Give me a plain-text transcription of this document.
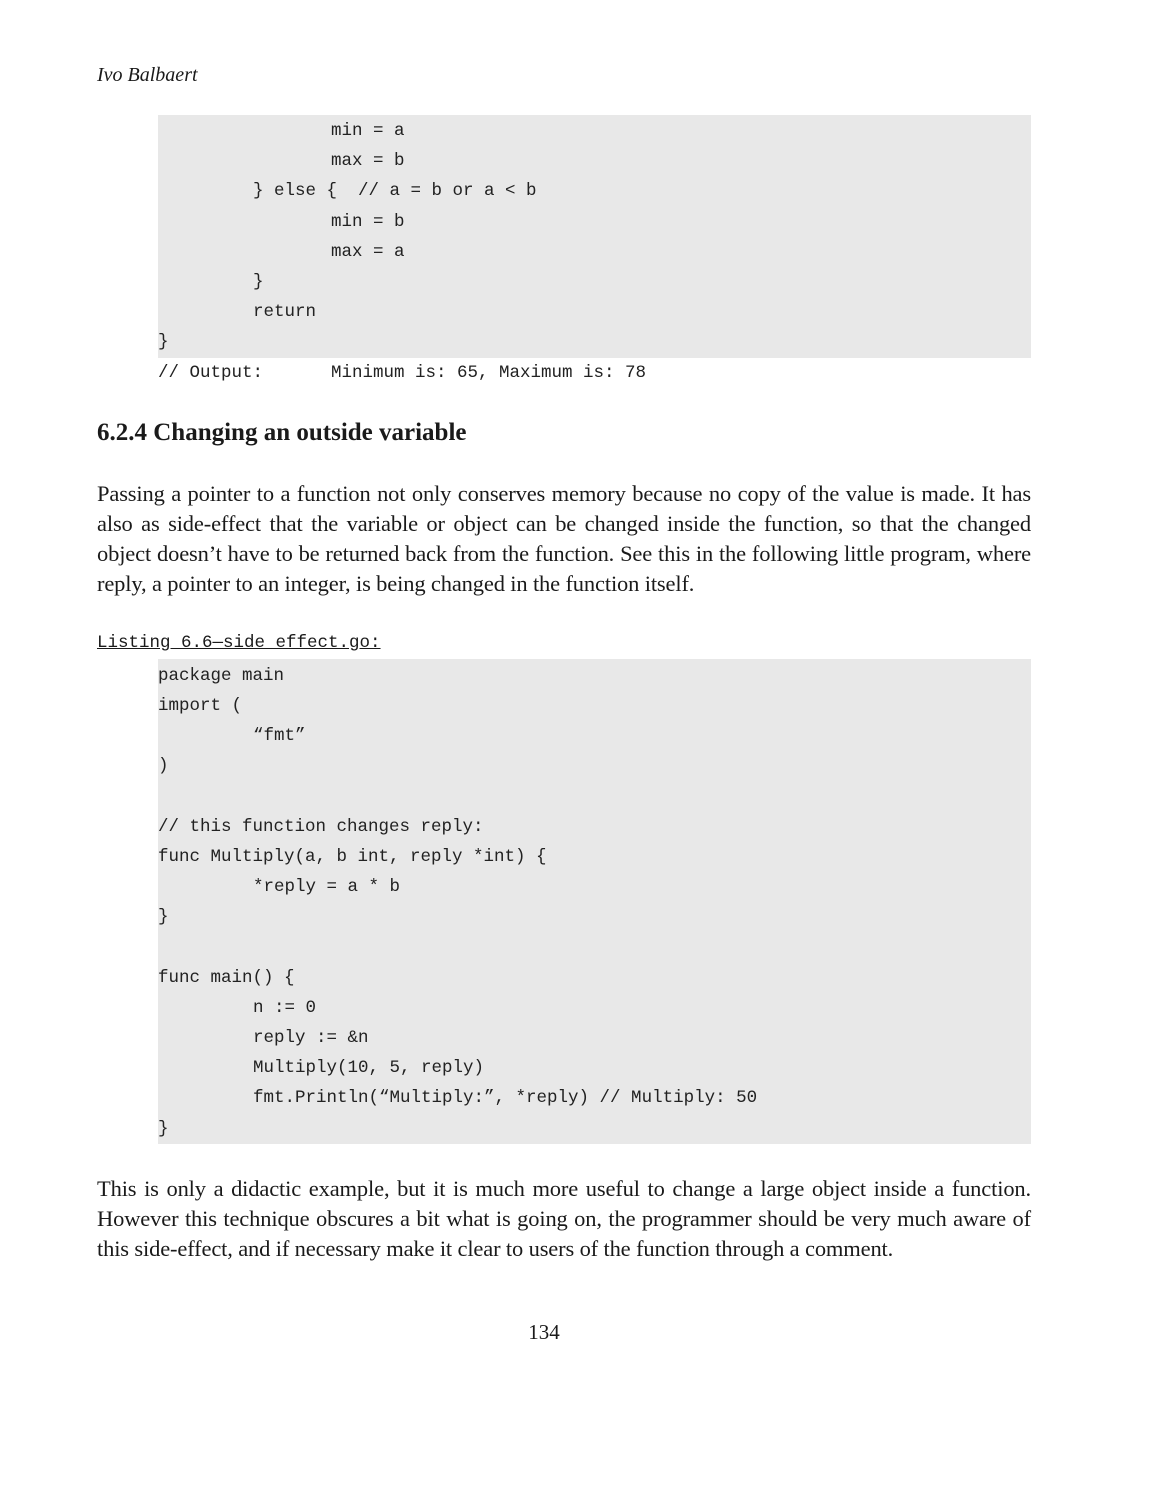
Ivo Balbaert
min = a
max = b
} else {  // a = b or a < b
min = b
max = a
}
return
}
// Output:	Minimum is: 65, Maximum is: 78
6.2.4 Changing an outside variable

Passing a pointer to a function not only conserves memory because no copy of the value is made. It has also as side-effect that the variable or object can be changed inside the function, so that the changed object doesn’t have to be returned back from the function. See this in the following little program, where reply, a pointer to an integer, is being changed in the function itself.

Listing 6.6—side_effect.go:
package main
import (
“fmt”
)
// this function changes reply:
func Multiply(a, b int, reply *int) {
*reply = a * b
}
func main() {
n := 0
reply := &n
Multiply(10, 5, reply)
fmt.Println(“Multiply:”, *reply) // Multiply: 50
}

This is only a didactic example, but it is much more useful to change a large object inside a function. However this technique obscures a bit what is going on, the programmer should be very much aware of this side-effect, and if necessary make it clear to users of the function through a comment.

134
